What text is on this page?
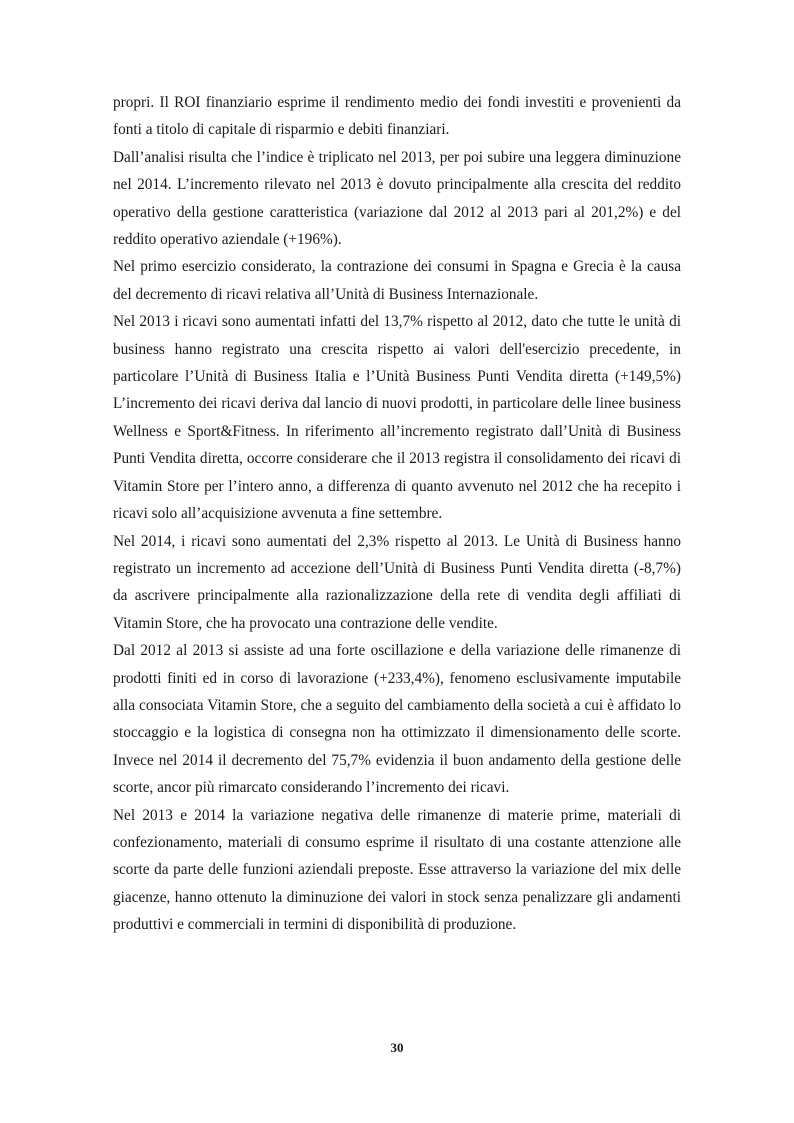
propri. Il ROI finanziario esprime il rendimento medio dei fondi investiti e provenienti da fonti a titolo di capitale di risparmio e debiti finanziari.

Dall’analisi risulta che l’indice è triplicato nel 2013, per poi subire una leggera diminuzione nel 2014. L’incremento rilevato nel 2013 è dovuto principalmente alla crescita del reddito operativo della gestione caratteristica (variazione dal 2012 al 2013 pari al 201,2%) e del reddito operativo aziendale (+196%).

Nel primo esercizio considerato, la contrazione dei consumi in Spagna e Grecia è la causa del decremento di ricavi relativa all’Unità di Business Internazionale.

Nel 2013 i ricavi sono aumentati infatti del 13,7% rispetto al 2012, dato che tutte le unità di business hanno registrato una crescita rispetto ai valori dell'esercizio precedente, in particolare l’Unità di Business Italia e l’Unità Business Punti Vendita diretta (+149,5%) L’incremento dei ricavi deriva dal lancio di nuovi prodotti, in particolare delle linee business Wellness e Sport&Fitness. In riferimento all’incremento registrato dall’Unità di Business Punti Vendita diretta, occorre considerare che il 2013 registra il consolidamento dei ricavi di Vitamin Store per l’intero anno, a differenza di quanto avvenuto nel 2012 che ha recepito i ricavi solo all’acquisizione avvenuta a fine settembre.

Nel 2014, i ricavi sono aumentati del 2,3% rispetto al 2013. Le Unità di Business hanno registrato un incremento ad accezione dell’Unità di Business Punti Vendita diretta (-8,7%) da ascrivere principalmente alla razionalizzazione della rete di vendita degli affiliati di Vitamin Store, che ha provocato una contrazione delle vendite.

Dal 2012 al 2013 si assiste ad una forte oscillazione e della variazione delle rimanenze di prodotti finiti ed in corso di lavorazione (+233,4%), fenomeno esclusivamente imputabile alla consociata Vitamin Store, che a seguito del cambiamento della società a cui è affidato lo stoccaggio e la logistica di consegna non ha ottimizzato il dimensionamento delle scorte. Invece nel 2014 il decremento del 75,7% evidenzia il buon andamento della gestione delle scorte, ancor più rimarcato considerando l’incremento dei ricavi.

Nel 2013 e 2014 la variazione negativa delle rimanenze di materie prime, materiali di confezionamento, materiali di consumo esprime il risultato di una costante attenzione alle scorte da parte delle funzioni aziendali preposte. Esse attraverso la variazione del mix delle giacenze, hanno ottenuto la diminuzione dei valori in stock senza penalizzare gli andamenti produttivi e commerciali in termini di disponibilità di produzione.

30
